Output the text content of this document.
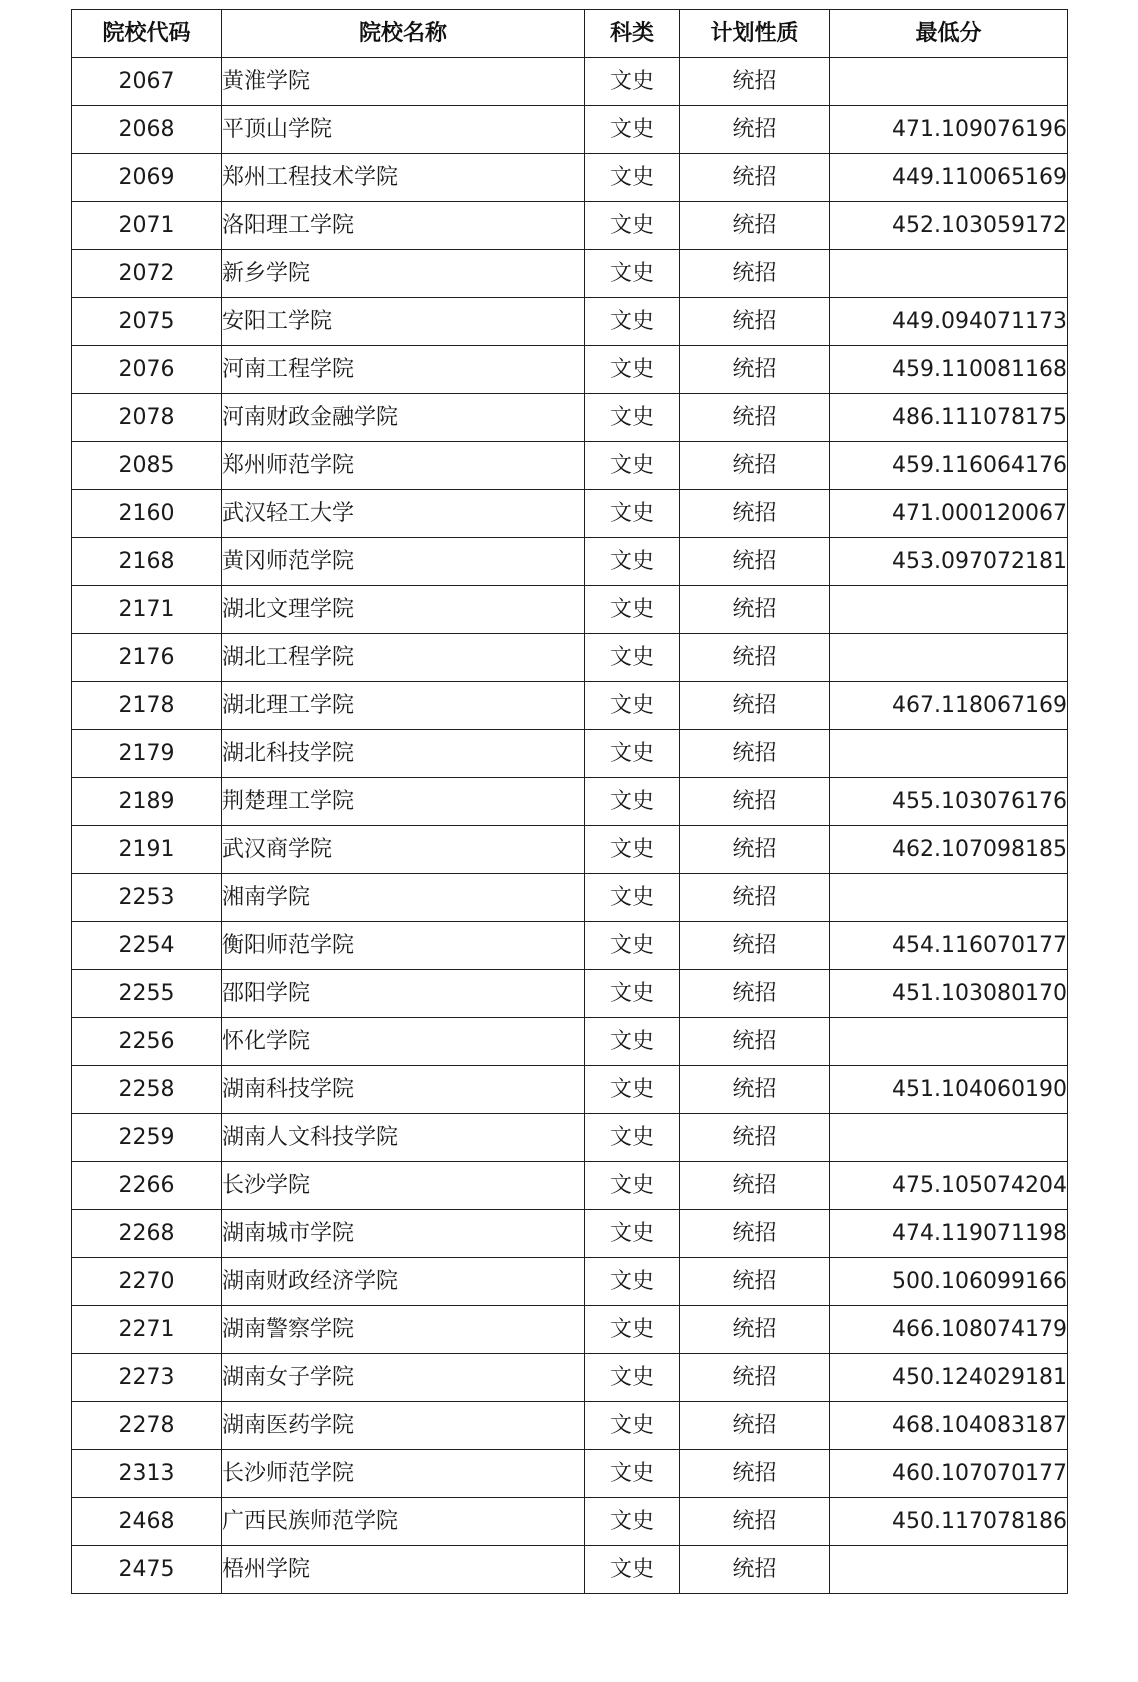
院校代码	院校名称	科类	计划性质	最低分
2067	黄淮学院	文史	统招	
2068	平顶山学院	文史	统招	471.109076196
2069	郑州工程技术学院	文史	统招	449.110065169
2071	洛阳理工学院	文史	统招	452.103059172
2072	新乡学院	文史	统招	
2075	安阳工学院	文史	统招	449.094071173
2076	河南工程学院	文史	统招	459.110081168
2078	河南财政金融学院	文史	统招	486.111078175
2085	郑州师范学院	文史	统招	459.116064176
2160	武汉轻工大学	文史	统招	471.000120067
2168	黄冈师范学院	文史	统招	453.097072181
2171	湖北文理学院	文史	统招	
2176	湖北工程学院	文史	统招	
2178	湖北理工学院	文史	统招	467.118067169
2179	湖北科技学院	文史	统招	
2189	荆楚理工学院	文史	统招	455.103076176
2191	武汉商学院	文史	统招	462.107098185
2253	湘南学院	文史	统招	
2254	衡阳师范学院	文史	统招	454.116070177
2255	邵阳学院	文史	统招	451.103080170
2256	怀化学院	文史	统招	
2258	湖南科技学院	文史	统招	451.104060190
2259	湖南人文科技学院	文史	统招	
2266	长沙学院	文史	统招	475.105074204
2268	湖南城市学院	文史	统招	474.119071198
2270	湖南财政经济学院	文史	统招	500.106099166
2271	湖南警察学院	文史	统招	466.108074179
2273	湖南女子学院	文史	统招	450.124029181
2278	湖南医药学院	文史	统招	468.104083187
2313	长沙师范学院	文史	统招	460.107070177
2468	广西民族师范学院	文史	统招	450.117078186
2475	梧州学院	文史	统招	
